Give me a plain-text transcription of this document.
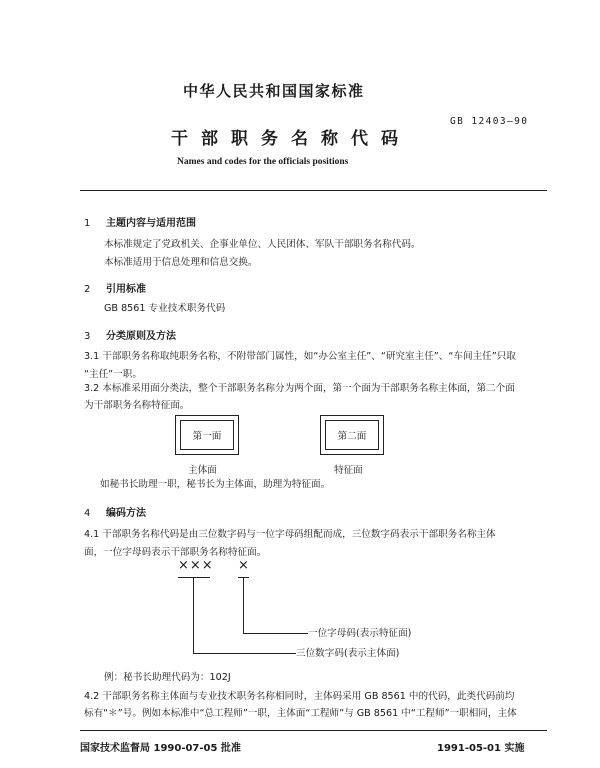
中华人民共和国国家标准
GB 12403—90
干部职务名称代码
Names and codes for the officials positions
1 主题内容与适用范围
本标准规定了党政机关、企事业单位、人民团体、军队干部职务名称代码。
本标准适用于信息处理和信息交换。
2 引用标准
GB 8561 专业技术职务代码
3 分类原则及方法
3.1 干部职务名称取纯职务名称，不附带部门属性，如“办公室主任”、“研究室主任”、“车间主任”只取
“主任”一职。
3.2 本标准采用面分类法，整个干部职务名称分为两个面，第一个面为干部职务名称主体面，第二个面
为干部职务名称特征面。
第一面	第二面
主体面	特征面
如秘书长助理一职，秘书长为主体面，助理为特征面。
4 编码方法
4.1 干部职务名称代码是由三位数字码与一位字母码组配而成，三位数字码表示干部职务名称主体
面，一位字母码表示干部职务名称特征面。
××× ×
一位字母码(表示特征面)
三位数字码(表示主体面)
例：秘书长助理代码为：102J
4.2 干部职务名称主体面与专业技术职务名称相同时，主体码采用 GB 8561 中的代码，此类代码前均
标有“＊”号。例如本标准中“总工程师”一职，主体面“工程师”与 GB 8561 中“工程师”一职相同，主体
国家技术监督局 1990-07-05 批准	1991-05-01 实施
